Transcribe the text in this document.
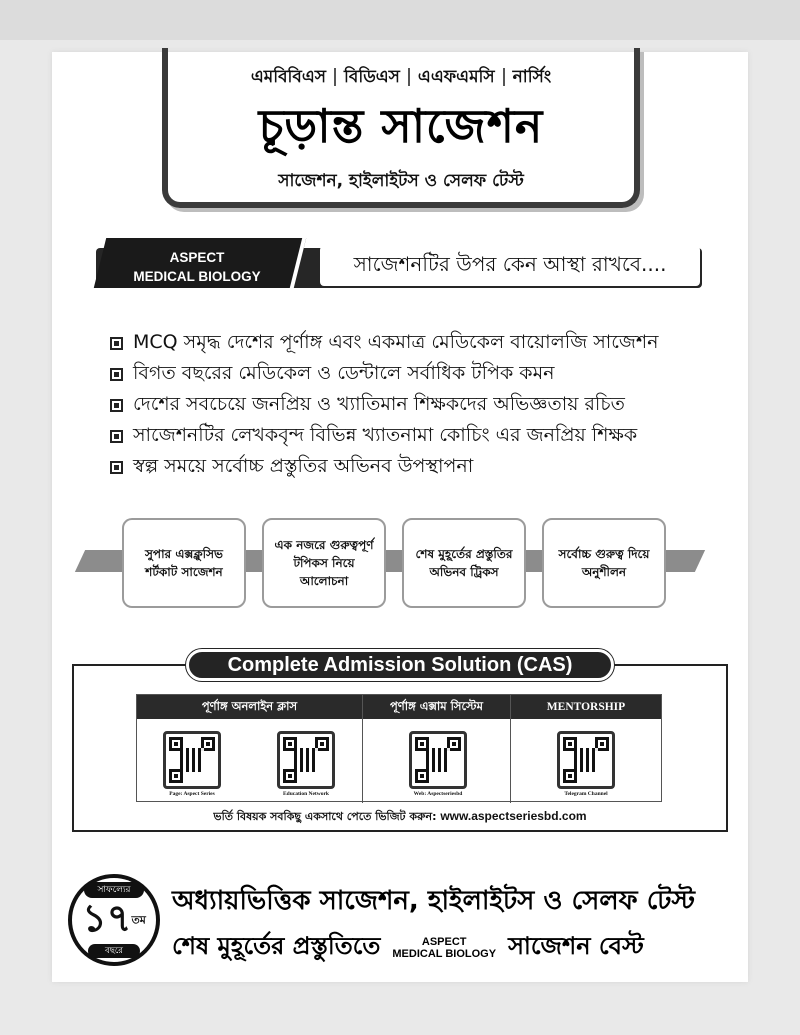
এমবিবিএস বিডিএস এএফএমসি নার্সিং
চূড়ান্ত সাজেশন
সাজেশন, হাইলাইটস ও সেলফ টেস্ট
ASPECT
MEDICAL BIOLOGY
সাজেশনটির উপর কেন আস্থা রাখবে....
MCQ সমৃদ্ধ দেশের পূর্ণাঙ্গ এবং একমাত্র মেডিকেল বায়োলজি সাজেশন
বিগত বছরের মেডিকেল ও ডেন্টালে সর্বাধিক টপিক কমন
দেশের সবচেয়ে জনপ্রিয় ও খ্যাতিমান শিক্ষকদের অভিজ্ঞতায় রচিত
সাজেশনটির লেখকবৃন্দ বিভিন্ন খ্যাতনামা কোচিং এর জনপ্রিয় শিক্ষক
স্বল্প সময়ে সর্বোচ্চ প্রস্তুতির অভিনব উপস্থাপনা
সুপার এক্সক্লুসিভ শর্টকাট সাজেশন
এক নজরে গুরুত্বপূর্ণ টপিকস নিয়ে আলোচনা
শেষ মুহূর্তের প্রস্তুতির অভিনব ট্রিকস
সর্বোচ্চ গুরুত্ব দিয়ে অনুশীলন
Complete Admission Solution (CAS)
পূর্ণাঙ্গ অনলাইন ক্লাস
Page: Aspect Series	Education Network
পূর্ণাঙ্গ এক্সাম সিস্টেম
Web: Aspectseriesbd
MENTORSHIP
Telegram Channel
ভর্তি বিষয়ক সবকিছু একসাথে পেতে ভিজিট করুন: www.aspectseriesbd.com
সাফল্যের
১৭তম
বছরে
অধ্যায়ভিত্তিক সাজেশন, হাইলাইটস ও সেলফ টেস্ট
শেষ মুহূর্তের প্রস্তুতিতে	ASPECT
MEDICAL BIOLOGY সাজেশন বেস্ট
